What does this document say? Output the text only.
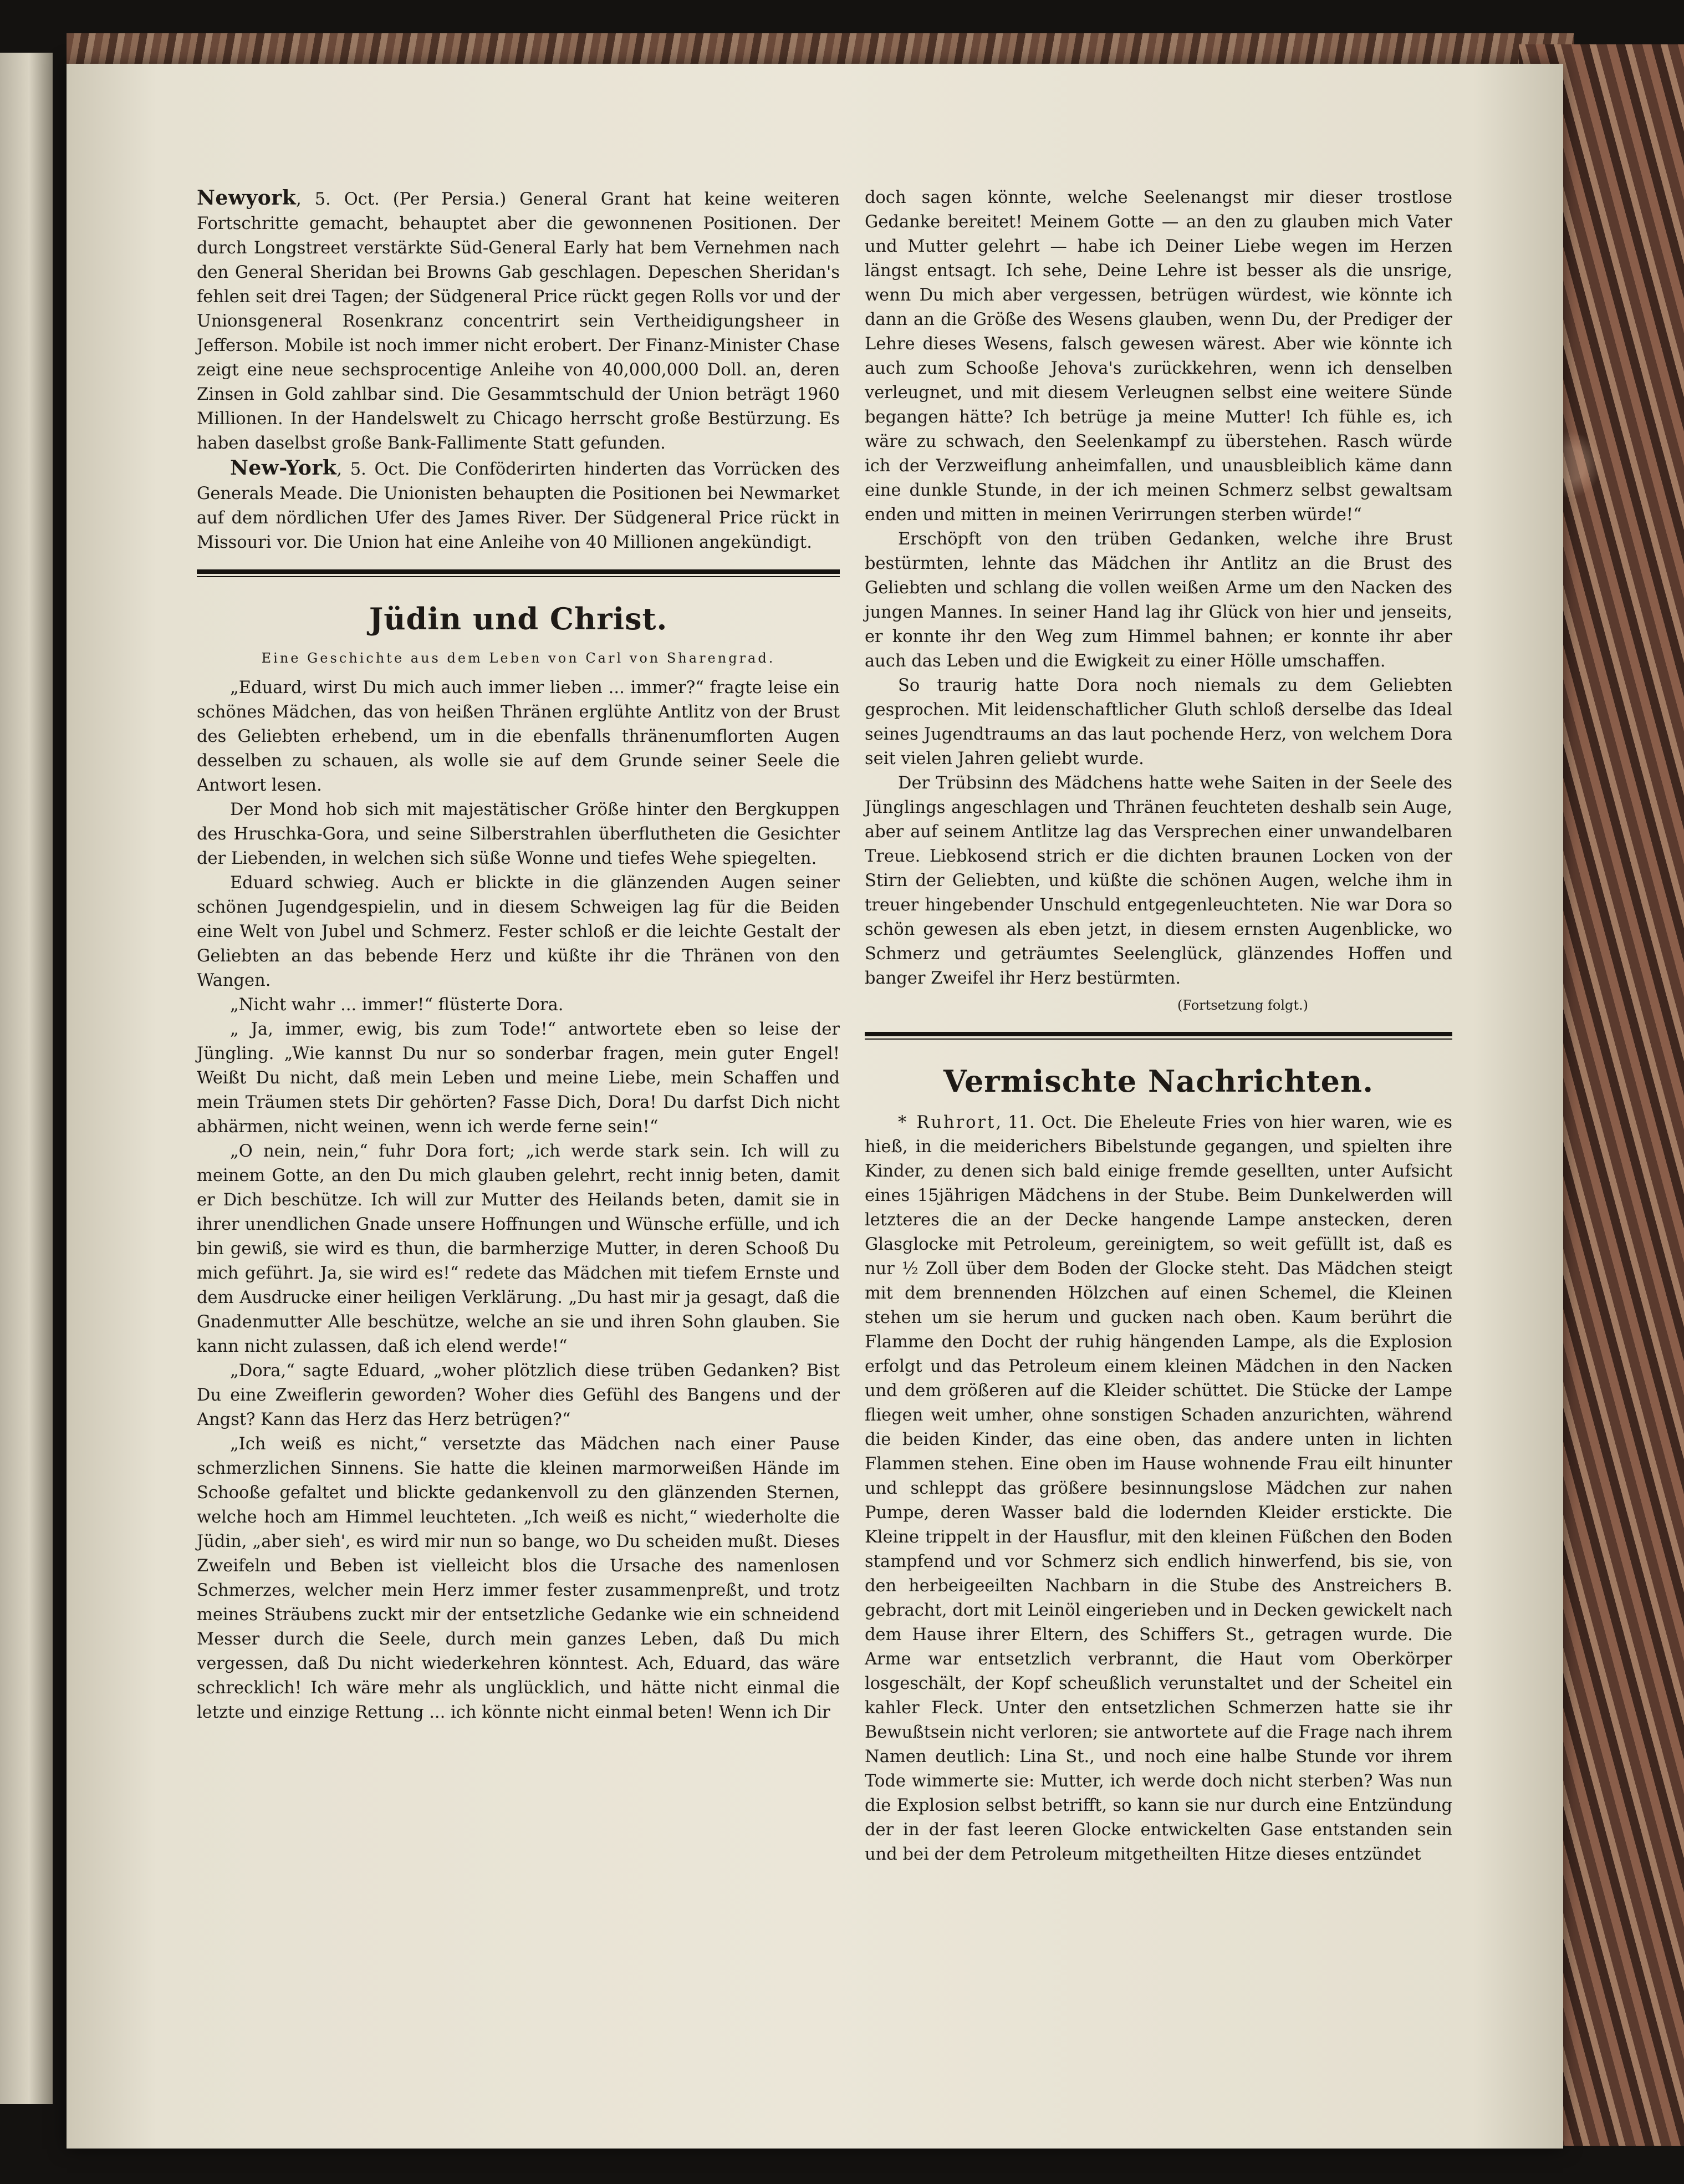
Newyork, 5. Oct. (Per Persia.) General Grant hat keine weiteren Fortschritte gemacht, behauptet aber die gewonnenen Positionen. Der durch Longstreet verstärkte Süd-General Early hat bem Vernehmen nach den General Sheridan bei Browns Gab geschlagen. Depeschen Sheridan's fehlen seit drei Tagen; der Südgeneral Price rückt gegen Rolls vor und der Unionsgeneral Rosenkranz concentrirt sein Vertheidigungsheer in Jefferson. Mobile ist noch immer nicht erobert. Der Finanz-Minister Chase zeigt eine neue sechsprocentige Anleihe von 40,000,000 Doll. an, deren Zinsen in Gold zahlbar sind. Die Gesammtschuld der Union beträgt 1960 Millionen. In der Handelswelt zu Chicago herrscht große Bestürzung. Es haben daselbst große Bank-Fallimente Statt gefunden.

New-York, 5. Oct. Die Conföderirten hinderten das Vorrücken des Generals Meade. Die Unionisten behaupten die Positionen bei Newmarket auf dem nördlichen Ufer des James River. Der Südgeneral Price rückt in Missouri vor. Die Union hat eine Anleihe von 40 Millionen angekündigt.

Jüdin und Christ.
Eine Geschichte aus dem Leben von Carl von Sharengrad.

„Eduard, wirst Du mich auch immer lieben ... immer?“ fragte leise ein schönes Mädchen, das von heißen Thränen erglühte Antlitz von der Brust des Geliebten erhebend, um in die ebenfalls thränenumflorten Augen desselben zu schauen, als wolle sie auf dem Grunde seiner Seele die Antwort lesen.

Der Mond hob sich mit majestätischer Größe hinter den Bergkuppen des Hruschka-Gora, und seine Silberstrahlen überflutheten die Gesichter der Liebenden, in welchen sich süße Wonne und tiefes Wehe spiegelten.

Eduard schwieg. Auch er blickte in die glänzenden Augen seiner schönen Jugendgespielin, und in diesem Schweigen lag für die Beiden eine Welt von Jubel und Schmerz. Fester schloß er die leichte Gestalt der Geliebten an das bebende Herz und küßte ihr die Thränen von den Wangen.

„Nicht wahr ... immer!“ flüsterte Dora.

„ Ja, immer, ewig, bis zum Tode!“ antwortete eben so leise der Jüngling. „Wie kannst Du nur so sonderbar fragen, mein guter Engel! Weißt Du nicht, daß mein Leben und meine Liebe, mein Schaffen und mein Träumen stets Dir gehörten? Fasse Dich, Dora! Du darfst Dich nicht abhärmen, nicht weinen, wenn ich werde ferne sein!“

„O nein, nein,“ fuhr Dora fort; „ich werde stark sein. Ich will zu meinem Gotte, an den Du mich glauben gelehrt, recht innig beten, damit er Dich beschütze. Ich will zur Mutter des Heilands beten, damit sie in ihrer unendlichen Gnade unsere Hoffnungen und Wünsche erfülle, und ich bin gewiß, sie wird es thun, die barmherzige Mutter, in deren Schooß Du mich geführt. Ja, sie wird es!“ redete das Mädchen mit tiefem Ernste und dem Ausdrucke einer heiligen Verklärung. „Du hast mir ja gesagt, daß die Gnadenmutter Alle beschütze, welche an sie und ihren Sohn glauben. Sie kann nicht zulassen, daß ich elend werde!“

„Dora,“ sagte Eduard, „woher plötzlich diese trüben Gedanken? Bist Du eine Zweiflerin geworden? Woher dies Gefühl des Bangens und der Angst? Kann das Herz das Herz betrügen?“

„Ich weiß es nicht,“ versetzte das Mädchen nach einer Pause schmerzlichen Sinnens. Sie hatte die kleinen marmorweißen Hände im Schooße gefaltet und blickte gedankenvoll zu den glänzenden Sternen, welche hoch am Himmel leuchteten. „Ich weiß es nicht,“ wiederholte die Jüdin, „aber sieh', es wird mir nun so bange, wo Du scheiden mußt. Dieses Zweifeln und Beben ist vielleicht blos die Ursache des namenlosen Schmerzes, welcher mein Herz immer fester zusammenpreßt, und trotz meines Sträubens zuckt mir der entsetzliche Gedanke wie ein schneidend Messer durch die Seele, durch mein ganzes Leben, daß Du mich vergessen, daß Du nicht wiederkehren könntest. Ach, Eduard, das wäre schrecklich! Ich wäre mehr als unglücklich, und hätte nicht einmal die letzte und einzige Rettung ... ich könnte nicht einmal beten! Wenn ich Dir

doch sagen könnte, welche Seelenangst mir dieser trostlose Gedanke bereitet! Meinem Gotte — an den zu glauben mich Vater und Mutter gelehrt — habe ich Deiner Liebe wegen im Herzen längst entsagt. Ich sehe, Deine Lehre ist besser als die unsrige, wenn Du mich aber vergessen, betrügen würdest, wie könnte ich dann an die Größe des Wesens glauben, wenn Du, der Prediger der Lehre dieses Wesens, falsch gewesen wärest. Aber wie könnte ich auch zum Schooße Jehova's zurückkehren, wenn ich denselben verleugnet, und mit diesem Verleugnen selbst eine weitere Sünde begangen hätte? Ich betrüge ja meine Mutter! Ich fühle es, ich wäre zu schwach, den Seelenkampf zu überstehen. Rasch würde ich der Verzweiflung anheimfallen, und unausbleiblich käme dann eine dunkle Stunde, in der ich meinen Schmerz selbst gewaltsam enden und mitten in meinen Verirrungen sterben würde!“

Erschöpft von den trüben Gedanken, welche ihre Brust bestürmten, lehnte das Mädchen ihr Antlitz an die Brust des Geliebten und schlang die vollen weißen Arme um den Nacken des jungen Mannes. In seiner Hand lag ihr Glück von hier und jenseits, er konnte ihr den Weg zum Himmel bahnen; er konnte ihr aber auch das Leben und die Ewigkeit zu einer Hölle umschaffen.

So traurig hatte Dora noch niemals zu dem Geliebten gesprochen. Mit leidenschaftlicher Gluth schloß derselbe das Ideal seines Jugendtraums an das laut pochende Herz, von welchem Dora seit vielen Jahren geliebt wurde.

Der Trübsinn des Mädchens hatte wehe Saiten in der Seele des Jünglings angeschlagen und Thränen feuchteten deshalb sein Auge, aber auf seinem Antlitze lag das Versprechen einer unwandelbaren Treue. Liebkosend strich er die dichten braunen Locken von der Stirn der Geliebten, und küßte die schönen Augen, welche ihm in treuer hingebender Unschuld entgegenleuchteten. Nie war Dora so schön gewesen als eben jetzt, in diesem ernsten Augenblicke, wo Schmerz und geträumtes Seelenglück, glänzendes Hoffen und banger Zweifel ihr Herz bestürmten.

(Fortsetzung folgt.)
Vermischte Nachrichten.

* Ruhrort, 11. Oct. Die Eheleute Fries von hier waren, wie es hieß, in die meiderichers Bibelstunde gegangen, und spielten ihre Kinder, zu denen sich bald einige fremde gesellten, unter Aufsicht eines 15jährigen Mädchens in der Stube. Beim Dunkelwerden will letzteres die an der Decke hangende Lampe anstecken, deren Glasglocke mit Petroleum, gereinigtem, so weit gefüllt ist, daß es nur ½ Zoll über dem Boden der Glocke steht. Das Mädchen steigt mit dem brennenden Hölzchen auf einen Schemel, die Kleinen stehen um sie herum und gucken nach oben. Kaum berührt die Flamme den Docht der ruhig hängenden Lampe, als die Explosion erfolgt und das Petroleum einem kleinen Mädchen in den Nacken und dem größeren auf die Kleider schüttet. Die Stücke der Lampe fliegen weit umher, ohne sonstigen Schaden anzurichten, während die beiden Kinder, das eine oben, das andere unten in lichten Flammen stehen. Eine oben im Hause wohnende Frau eilt hinunter und schleppt das größere besinnungslose Mädchen zur nahen Pumpe, deren Wasser bald die lodernden Kleider erstickte. Die Kleine trippelt in der Hausflur, mit den kleinen Füßchen den Boden stampfend und vor Schmerz sich endlich hinwerfend, bis sie, von den herbeigeeilten Nachbarn in die Stube des Anstreichers B. gebracht, dort mit Leinöl eingerieben und in Decken gewickelt nach dem Hause ihrer Eltern, des Schiffers St., getragen wurde. Die Arme war entsetzlich verbrannt, die Haut vom Oberkörper losgeschält, der Kopf scheußlich verunstaltet und der Scheitel ein kahler Fleck. Unter den entsetzlichen Schmerzen hatte sie ihr Bewußtsein nicht verloren; sie antwortete auf die Frage nach ihrem Namen deutlich: Lina St., und noch eine halbe Stunde vor ihrem Tode wimmerte sie: Mutter, ich werde doch nicht sterben? Was nun die Explosion selbst betrifft, so kann sie nur durch eine Entzündung der in der fast leeren Glocke entwickelten Gase entstanden sein und bei der dem Petroleum mitgetheilten Hitze dieses entzündet
